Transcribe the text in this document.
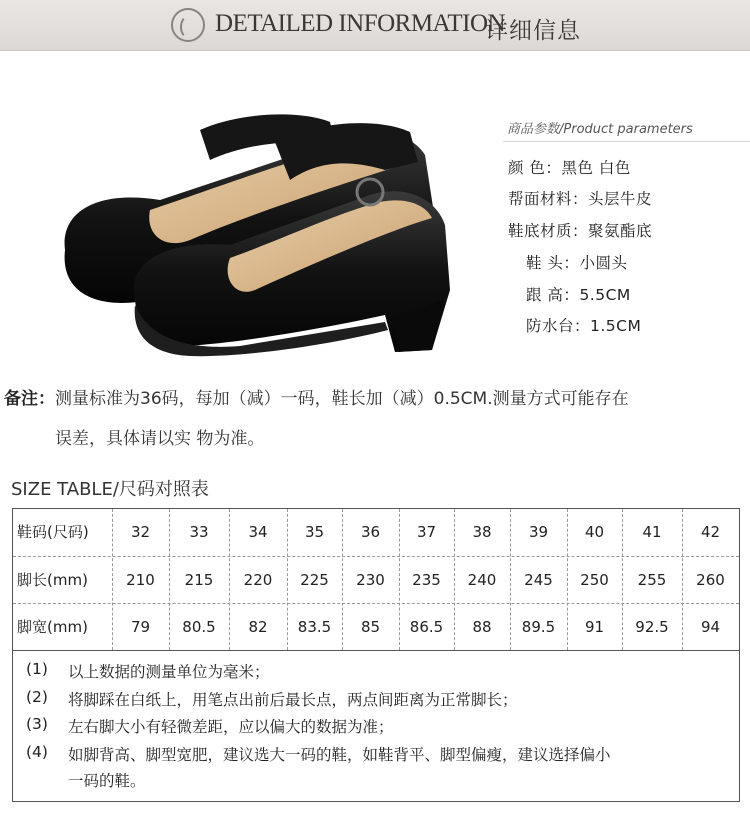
DETAILED INFORMATION
详细信息
商品参数/Product parameters
颜 色：黑色 白色
帮面材料：头层牛皮
鞋底材质：聚氨酯底
鞋 头：小圆头
跟 高：5.5CM
防水台：1.5CM
备注：测量标准为36码，每加（减）一码，鞋长加（减）0.5CM.测量方式可能存在
误差，具体请以实 物为准。
SIZE TABLE/尺码对照表
鞋码(尺码)	32	33	34	35	36	37	38	39	40	41	42
脚长(mm)	210	215	220	225	230	235	240	245	250	255	260
脚宽(mm)	79	80.5	82	83.5	85	86.5	88	89.5	91	92.5	94
(1) 以上数据的测量单位为毫米；
(2) 将脚踩在白纸上，用笔点出前后最长点，两点间距离为正常脚长；
(3) 左右脚大小有轻微差距，应以偏大的数据为准；
(4) 如脚背高、脚型宽肥，建议选大一码的鞋，如鞋背平、脚型偏瘦，建议选择偏小
一码的鞋。
